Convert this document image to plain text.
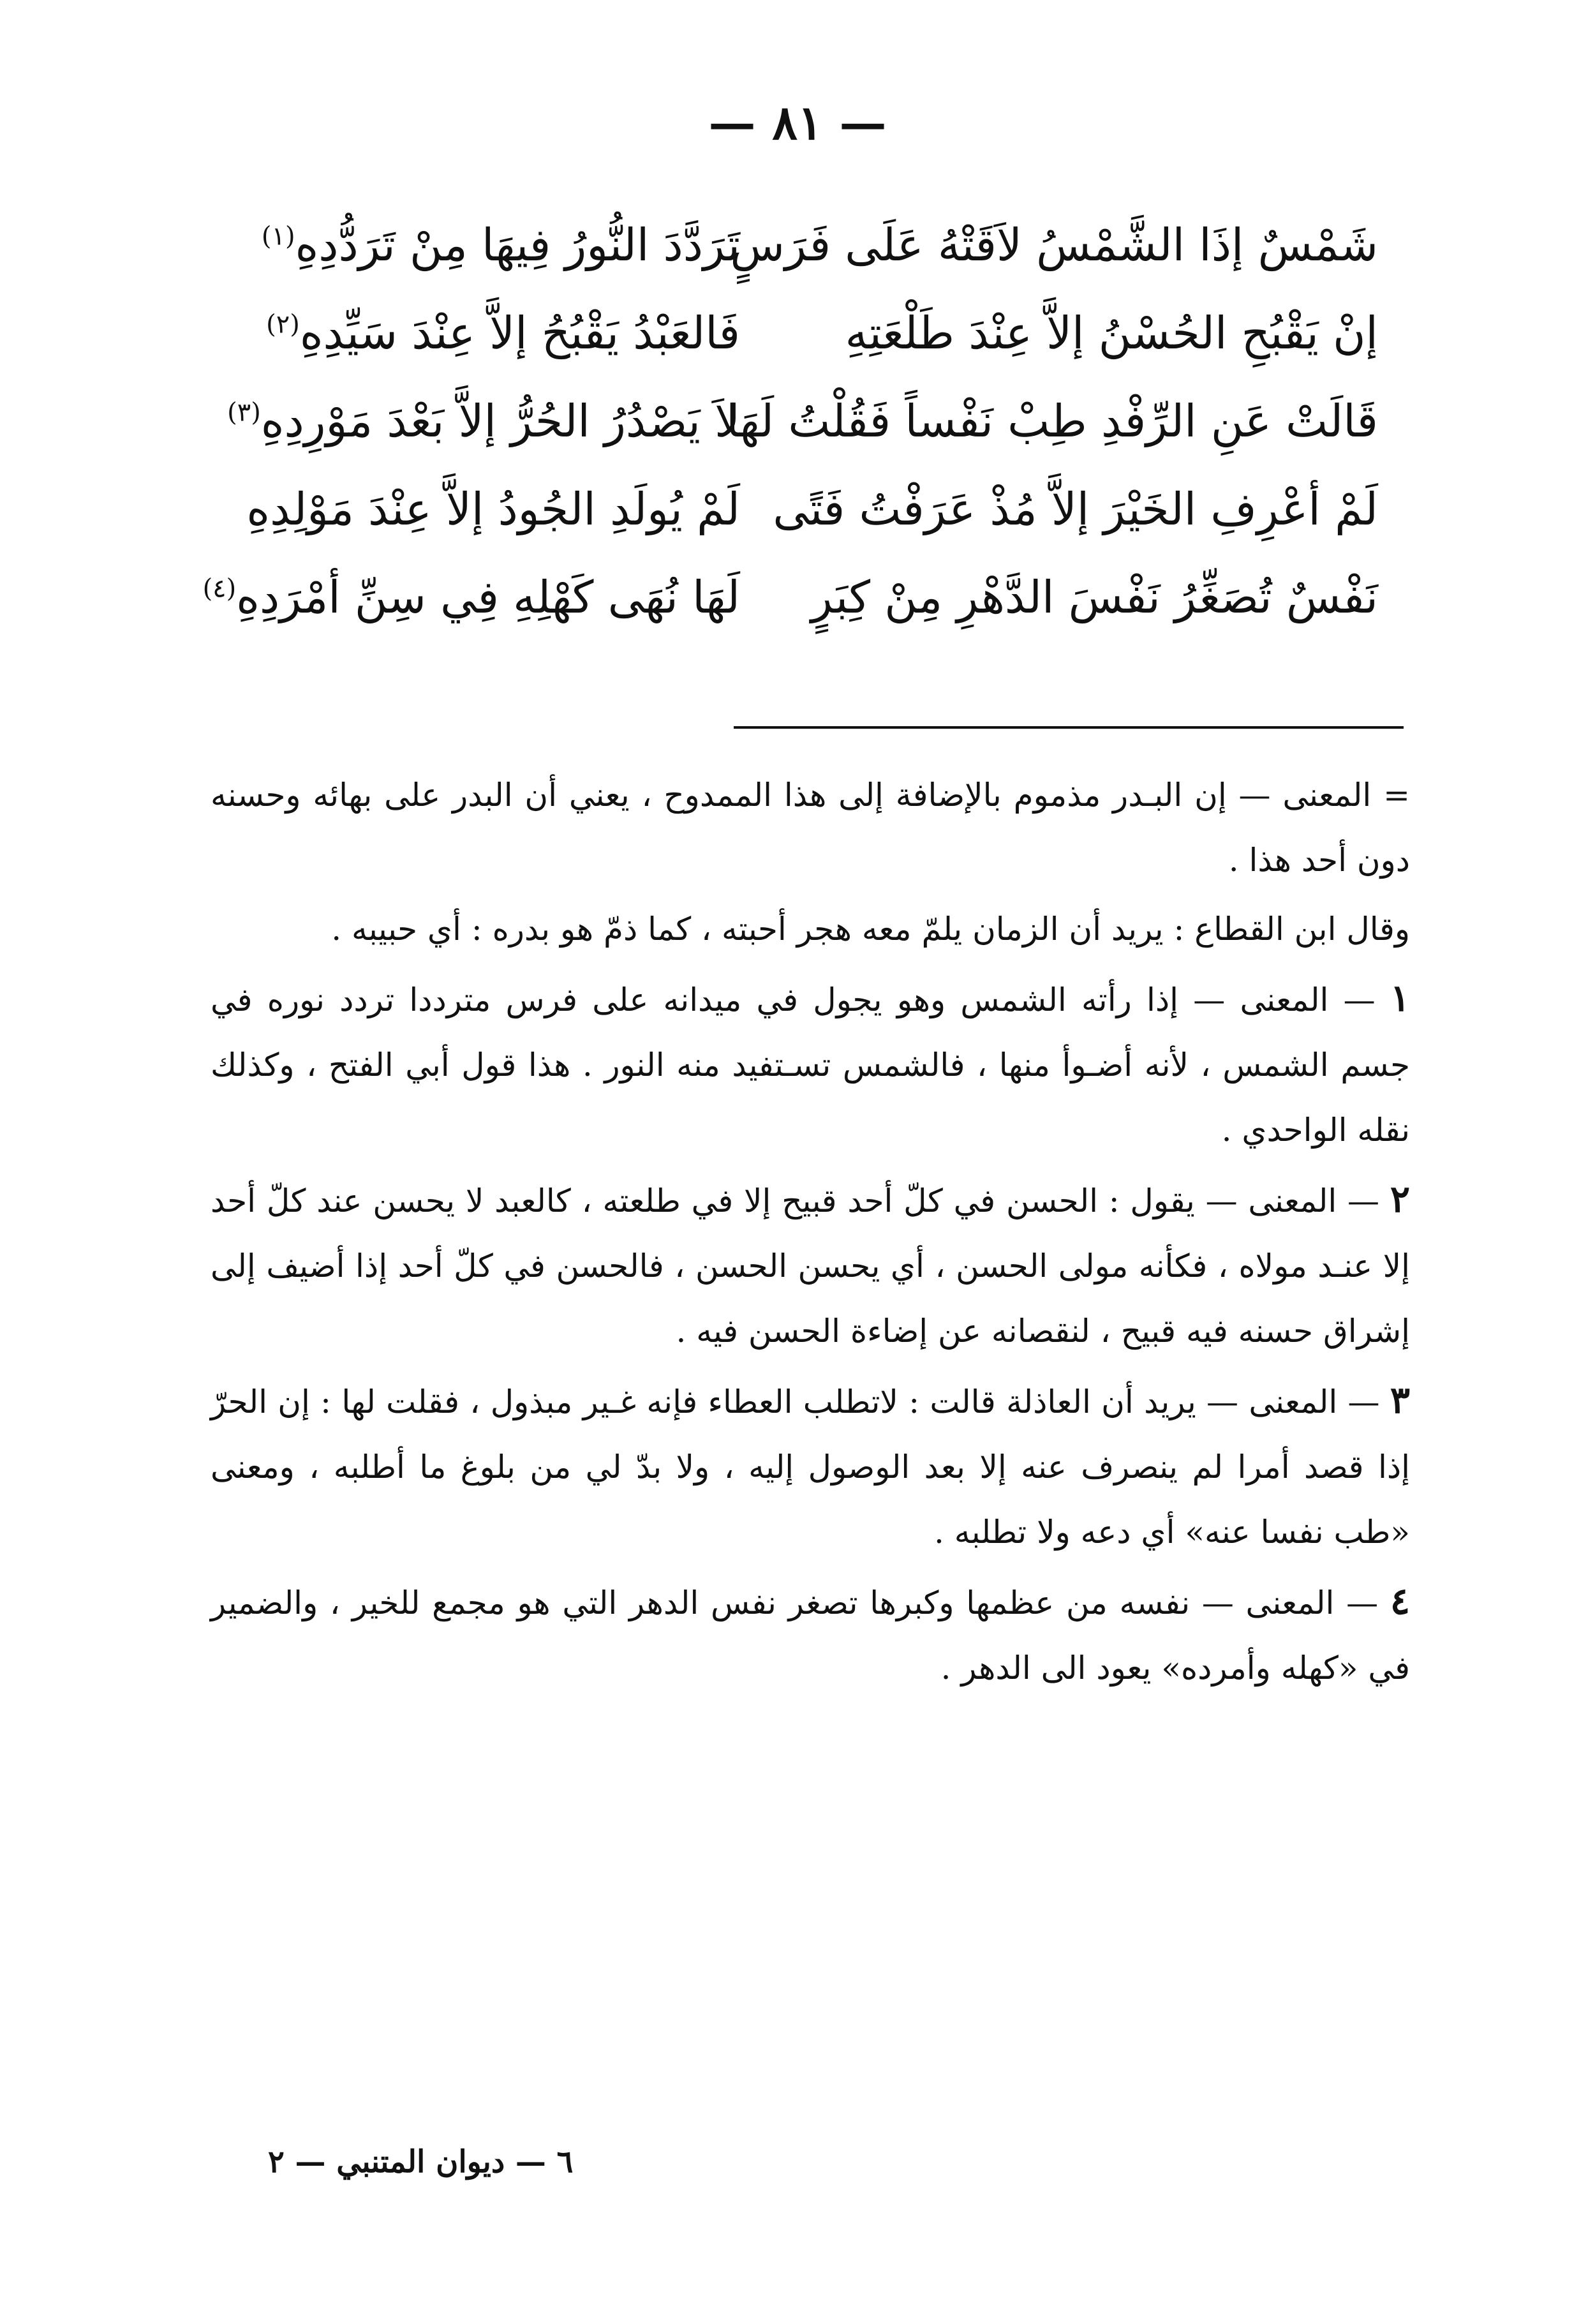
— ٨١ —
شَمْسٌ إذَا الشَّمْسُ لاَقَتْهُ عَلَى فَرَسٍ
تَرَدَّدَ النُّورُ فِيهَا مِنْ تَرَدُّدِهِ$^{(١)}$
إنْ يَقْبُحِ الحُسْنُ إلاَّ عِنْدَ طَلْعَتِهِ
فَالعَبْدُ يَقْبُحُ إلاَّ عِنْدَ سَيِّدِهِ$^{(٢)}$
قَالَتْ عَنِ الرِّفْدِ طِبْ نَفْساً فَقُلْتُ لَهَا
لاَ يَصْدُرُ الحُرُّ إلاَّ بَعْدَ مَوْرِدِهِ$^{(٣)}$
لَمْ أعْرِفِ الخَيْرَ إلاَّ مُذْ عَرَفْتُ فَتًى
لَمْ يُولَدِ الجُودُ إلاَّ عِنْدَ مَوْلِدِهِ
نَفْسٌ تُصَغِّرُ نَفْسَ الدَّهْرِ مِنْ كِبَرٍ
لَهَا نُهَى كَهْلِهِ فِي سِنِّ أمْرَدِهِ$^{(٤)}$

= المعنى — إن البـدر مذموم بالإضافة إلى هذا الممدوح ، يعني أن البدر على بهائه وحسنه دون أحد هذا .

وقال ابن القطاع : يريد أن الزمان يلمّ معه هجر أحبته ، كما ذمّ هو بدره : أي حبيبه .

١ — المعنى — إذا رأته الشمس وهو يجول في ميدانه على فرس مترددا تردد نوره في جسم الشمس ، لأنه أضـوأ منها ، فالشمس تسـتفيد منه النور . هذا قول أبي الفتح ، وكذلك نقله الواحدي .

٢ — المعنى — يقول : الحسن في كلّ أحد قبيح إلا في طلعته ، كالعبد لا يحسن عند كلّ أحد إلا عنـد مولاه ، فكأنه مولى الحسن ، أي يحسن الحسن ، فالحسن في كلّ أحد إذا أضيف إلى إشراق حسنه فيه قبيح ، لنقصانه عن إضاءة الحسن فيه .

٣ — المعنى — يريد أن العاذلة قالت : لاتطلب العطاء فإنه غـير مبذول ، فقلت لها : إن الحرّ إذا قصد أمرا لم ينصرف عنه إلا بعد الوصول إليه ، ولا بدّ لي من بلوغ ما أطلبه ، ومعنى «طب نفسا عنه» أي دعه ولا تطلبه .

٤ — المعنى — نفسه من عظمها وكبرها تصغر نفس الدهر التي هو مجمع للخير ، والضمير في «كهله وأمرده» يعود الى الدهر .

٦ — ديوان المتنبي — ٢
